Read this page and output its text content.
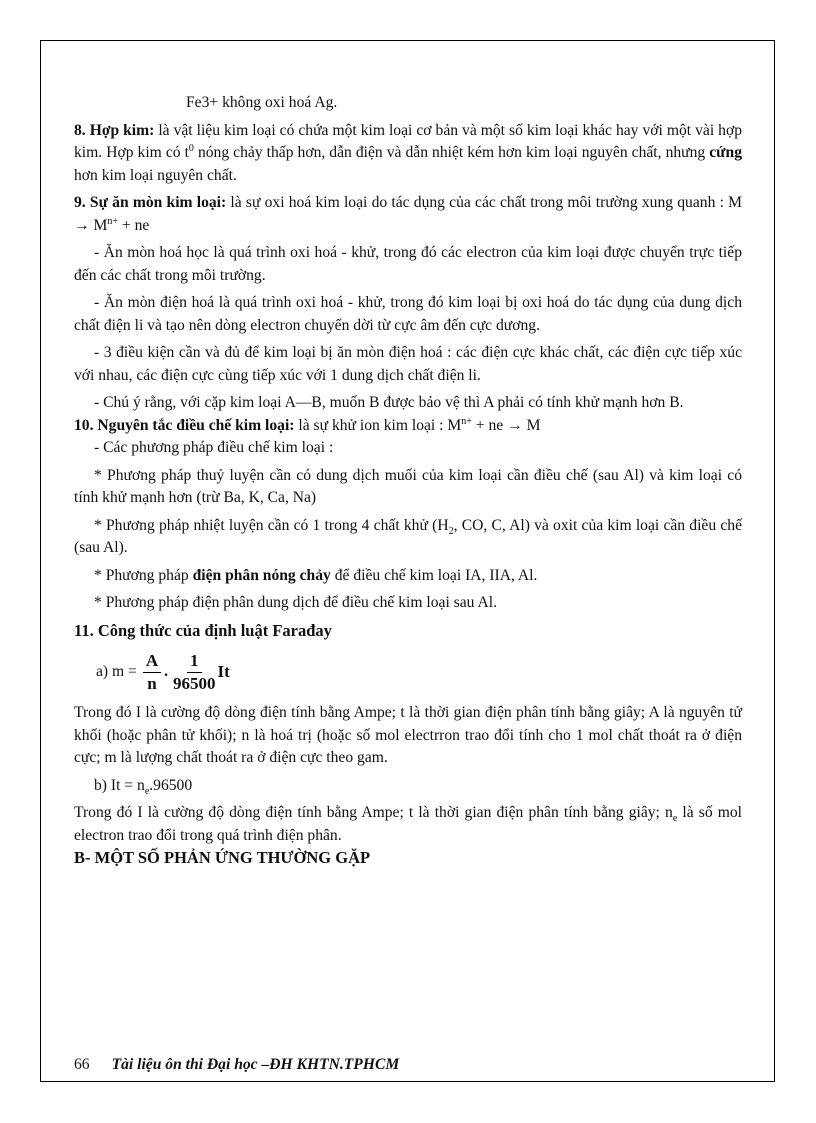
Fe3+ không oxi hoá Ag.

8. Hợp kim: là vật liệu kim loại có chứa một kim loại cơ bản và một số kim loại khác hay với một vài hợp kim. Hợp kim có $t^0$ nóng chảy thấp hơn, dẫn điện và dẫn nhiệt kém hơn kim loại nguyên chất, nhưng cứng hơn kim loại nguyên chất.

9. Sự ăn mòn kim loại: là sự oxi hoá kim loại do tác dụng của các chất trong môi trường xung quanh : $M \to M^{n+}$ + ne

- Ăn mòn hoá học là quá trình oxi hoá - khử, trong đó các electron của kim loại được chuyển trực tiếp đến các chất trong môi trường.

- Ăn mòn điện hoá là quá trình oxi hoá - khử, trong đó kim loại bị oxi hoá do tác dụng của dung dịch chất điện li và tạo nên dòng electron chuyển dời từ cực âm đến cực dương.

- 3 điều kiện cần và đủ để kim loại bị ăn mòn điện hoá : các điện cực khác chất, các điện cực tiếp xúc với nhau, các điện cực cùng tiếp xúc với 1 dung dịch chất điện li.

- Chú ý rằng, với cặp kim loại A—B, muốn B được bảo vệ thì A phải có tính khử mạnh hơn B.

10. Nguyên tắc điều chế kim loại: là sự khử ion kim loại : $M^{n+}$ + ne → M

- Các phương pháp điều chế kim loại :

* Phương pháp thuỷ luyện cần có dung dịch muối của kim loại cần điều chế (sau Al) và kim loại có tính khử mạnh hơn (trừ Ba, K, Ca, Na)

* Phương pháp nhiệt luyện cần có 1 trong 4 chất khử ($H_2$, CO, C, Al) và oxit của kim loại cần điều chế (sau Al).

* Phương pháp điện phân nóng chảy để điều chế kim loại IA, IIA, Al.

* Phương pháp điện phân dung dịch để điều chế kim loại sau Al.

11. Công thức của định luật Farađay

a) $m = \frac{A}{n}$ . $\frac{1}{96500}$ It

Trong đó I là cường độ dòng điện tính bằng Ampe; t là thời gian điện phân tính bằng giây; A là nguyên tử khối (hoặc phân tử khối); n là hoá trị (hoặc số mol electrron trao đổi tính cho 1 mol chất thoát ra ở điện cực; m là lượng chất thoát ra ở điện cực theo gam.

b) $It = n_e.96500$

Trong đó I là cường độ dòng điện tính bằng Ampe; t là thời gian điện phân tính bằng giây; $n_e$ là số mol electron trao đổi trong quá trình điện phân.

B- MỘT SỐ PHẢN ỨNG THƯỜNG GẶP

66 Tài liệu ôn thi Đại học –ĐH KHTN.TPHCM
